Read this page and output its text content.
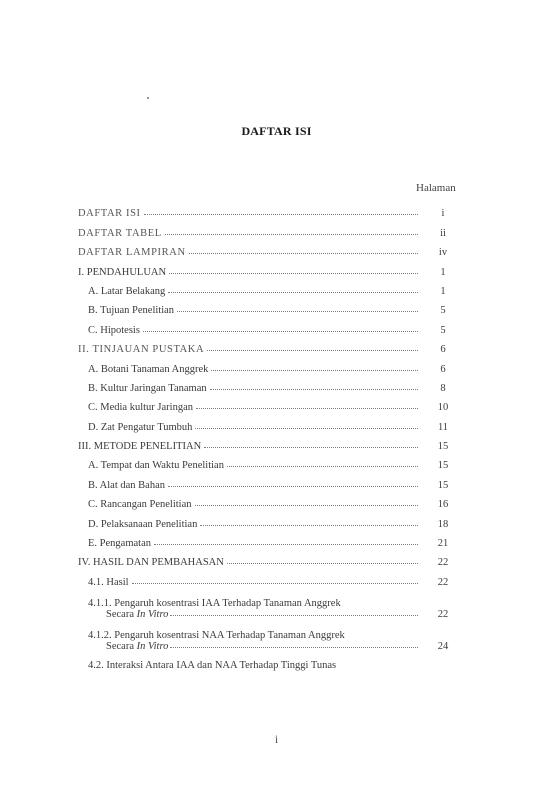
DAFTAR ISI
Halaman
DAFTAR ISI	i
DAFTAR TABEL	ii
DAFTAR LAMPIRAN	iv
I. PENDAHULUAN	1
A. Latar Belakang	1
B. Tujuan Penelitian	5
C. Hipotesis	5
II. TINJAUAN PUSTAKA	6
A. Botani Tanaman Anggrek	6
B. Kultur Jaringan Tanaman	8
C. Media kultur Jaringan	10
D. Zat Pengatur Tumbuh	11
III. METODE PENELITIAN	15
A. Tempat dan Waktu Penelitian	15
B. Alat dan Bahan	15
C. Rancangan Penelitian	16
D. Pelaksanaan Penelitian	18
E. Pengamatan	21
IV. HASIL DAN PEMBAHASAN	22
4.1. Hasil	22
4.1.1. Pengaruh kosentrasi IAA Terhadap Tanaman Anggrek
Secara In Vitro	22
4.1.2. Pengaruh kosentrasi NAA Terhadap Tanaman Anggrek
Secara In Vitro	24
4.2. Interaksi Antara IAA dan NAA Terhadap Tinggi Tunas
i
